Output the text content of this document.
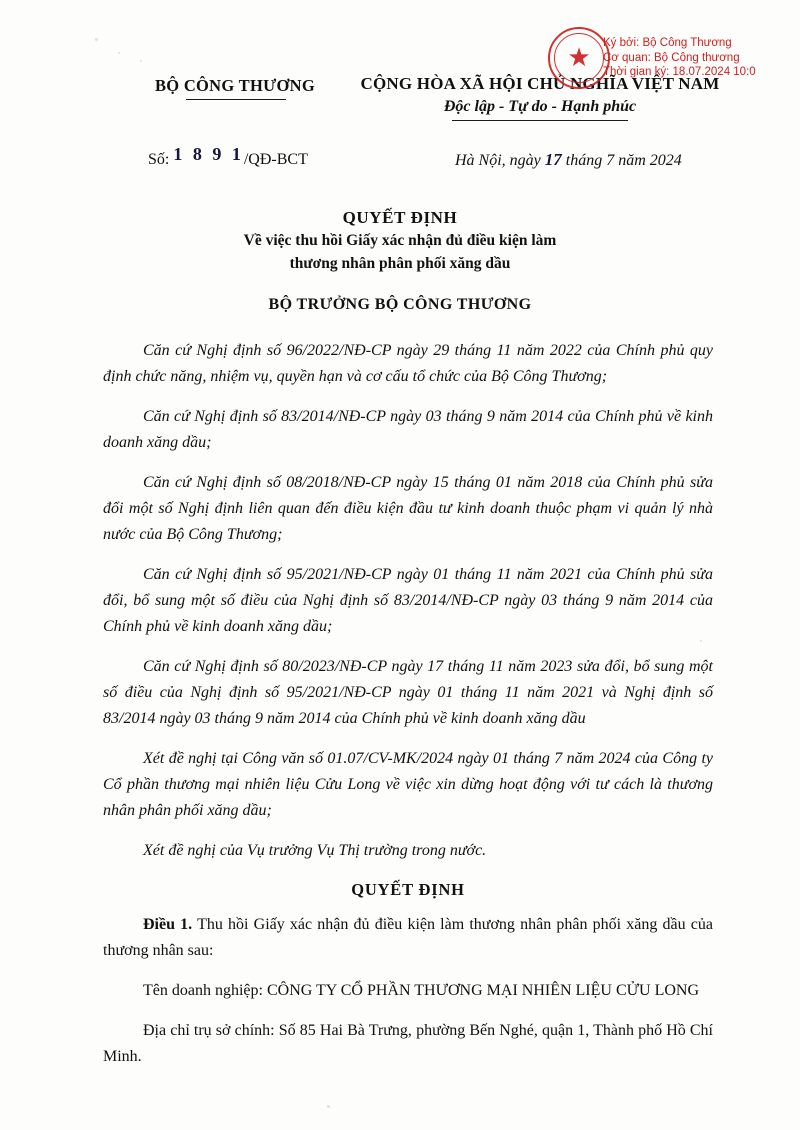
BỘ CÔNG THƯƠNG	CỘNG HÒA XÃ HỘI CHỦ NGHĨA VIỆT NAM
Độc lập - Tự do - Hạnh phúc
★ Ký bởi: Bộ Công Thương
Cơ quan: Bộ Công thương
Thời gian ký: 18.07.2024 10:0
Số: 1 8 9 1/QĐ-BCT	Hà Nội, ngày 17 tháng 7 năm 2024
QUYẾT ĐỊNH
Về việc thu hồi Giấy xác nhận đủ điều kiện làm
thương nhân phân phối xăng dầu
BỘ TRƯỞNG BỘ CÔNG THƯƠNG

Căn cứ Nghị định số 96/2022/NĐ-CP ngày 29 tháng 11 năm 2022 của Chính phủ quy định chức năng, nhiệm vụ, quyền hạn và cơ cấu tổ chức của Bộ Công Thương;

Căn cứ Nghị định số 83/2014/NĐ-CP ngày 03 tháng 9 năm 2014 của Chính phủ về kinh doanh xăng dầu;

Căn cứ Nghị định số 08/2018/NĐ-CP ngày 15 tháng 01 năm 2018 của Chính phủ sửa đổi một số Nghị định liên quan đến điều kiện đầu tư kinh doanh thuộc phạm vi quản lý nhà nước của Bộ Công Thương;

Căn cứ Nghị định số 95/2021/NĐ-CP ngày 01 tháng 11 năm 2021 của Chính phủ sửa đổi, bổ sung một số điều của Nghị định số 83/2014/NĐ-CP ngày 03 tháng 9 năm 2014 của Chính phủ về kinh doanh xăng dầu;

Căn cứ Nghị định số 80/2023/NĐ-CP ngày 17 tháng 11 năm 2023 sửa đổi, bổ sung một số điều của Nghị định số 95/2021/NĐ-CP ngày 01 tháng 11 năm 2021 và Nghị định số 83/2014 ngày 03 tháng 9 năm 2014 của Chính phủ về kinh doanh xăng dầu

Xét đề nghị tại Công văn số 01.07/CV-MK/2024 ngày 01 tháng 7 năm 2024 của Công ty Cổ phần thương mại nhiên liệu Cửu Long về việc xin dừng hoạt động với tư cách là thương nhân phân phối xăng dầu;

Xét đề nghị của Vụ trưởng Vụ Thị trường trong nước.

QUYẾT ĐỊNH

Điều 1. Thu hồi Giấy xác nhận đủ điều kiện làm thương nhân phân phối xăng dầu của thương nhân sau:

Tên doanh nghiệp: CÔNG TY CỔ PHẦN THƯƠNG MẠI NHIÊN LIỆU CỬU LONG

Địa chỉ trụ sở chính: Số 85 Hai Bà Trưng, phường Bến Nghé, quận 1, Thành phố Hồ Chí Minh.
